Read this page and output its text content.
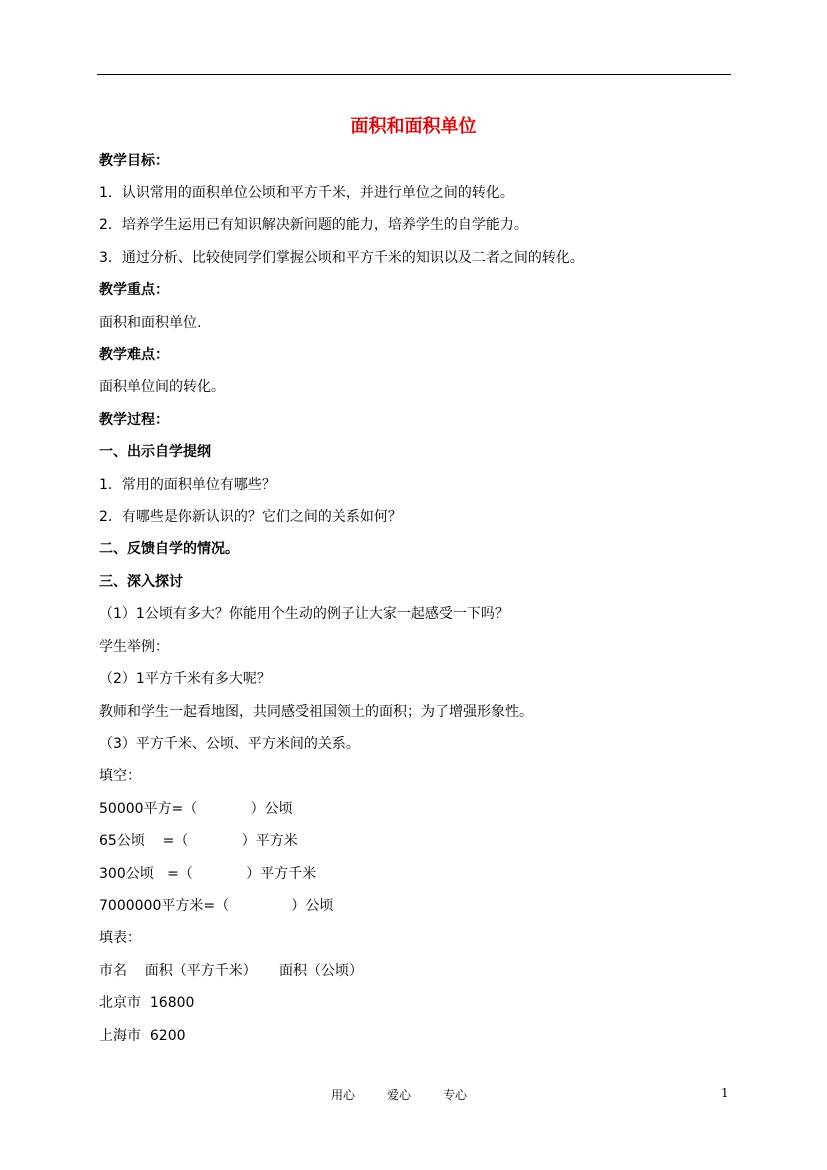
面积和面积单位
教学目标：
1．认识常用的面积单位公顷和平方千米，并进行单位之间的转化。
2．培养学生运用已有知识解决新问题的能力，培养学生的自学能力。
3．通过分析、比较使同学们掌握公顷和平方千米的知识以及二者之间的转化。
教学重点：
面积和面积单位.
教学难点：
面积单位间的转化。
教学过程：
一、出示自学提纲
1．常用的面积单位有哪些？
2．有哪些是你新认识的？它们之间的关系如何？
二、反馈自学的情况。
三、深入探讨
（1）1公顷有多大？你能用个生动的例子让大家一起感受一下吗？
学生举例：
（2）1平方千米有多大呢？
教师和学生一起看地图，共同感受祖国领土的面积；为了增强形象性。
（3）平方千米、公顷、平方米间的关系。
填空：
50000平方=（            ）公顷
65公顷    =（            ）平方米
300公顷   =（            ）平方千米
7000000平方米=（              ）公顷
填表：
市名    面积（平方千米）     面积（公顷）
北京市  16800
上海市  6200
用心	爱心	专心	1
